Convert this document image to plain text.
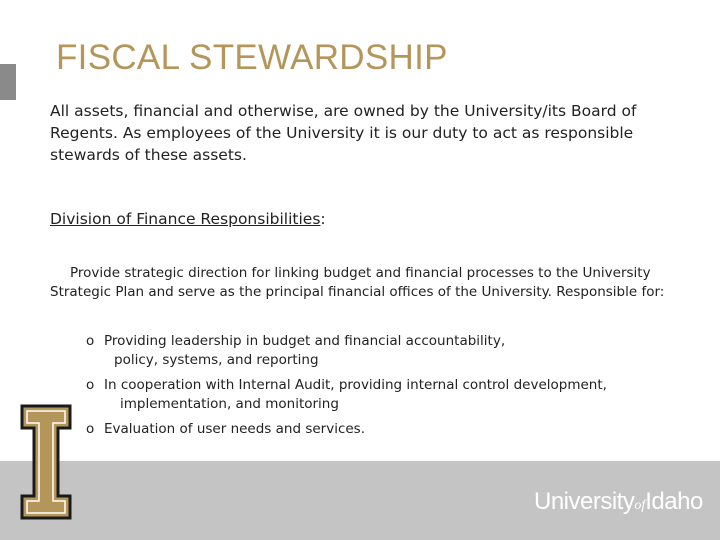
FISCAL STEWARDSHIP
All assets, financial and otherwise, are owned by the University/its Board of Regents. As employees of the University it is our duty to act as responsible stewards of these assets.
Division of Finance Responsibilities:
Provide strategic direction for linking budget and financial processes to the University Strategic Plan and serve as the principal financial offices of the University. Responsible for:
o Providing leadership in budget and financial accountability,
policy, systems, and reporting
o In cooperation with Internal Audit, providing internal control development,
implementation, and monitoring
o Evaluation of user needs and services.
UniversityofIdaho
